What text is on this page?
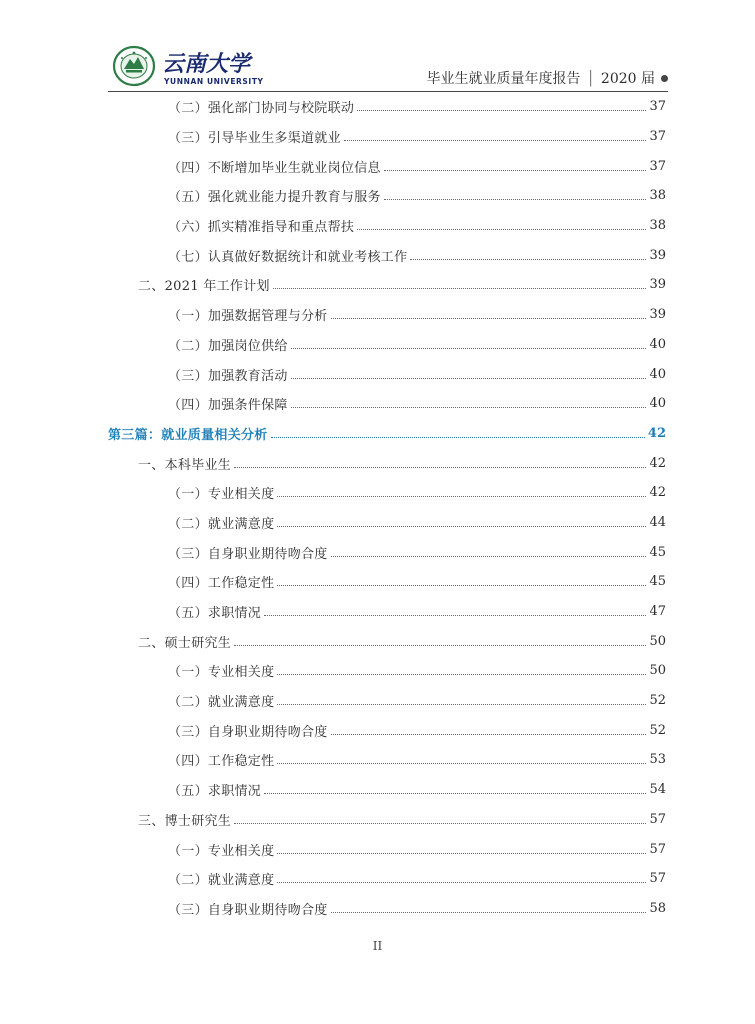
云南大学
YUNNAN UNIVERSITY	毕业生就业质量年度报告 │ 2020 届
（二）强化部门协同与校院联动	37
（三）引导毕业生多渠道就业	37
（四）不断增加毕业生就业岗位信息	37
（五）强化就业能力提升教育与服务	38
（六）抓实精准指导和重点帮扶	38
（七）认真做好数据统计和就业考核工作	39
二、2021 年工作计划	39
（一）加强数据管理与分析	39
（二）加强岗位供给	40
（三）加强教育活动	40
（四）加强条件保障	40
第三篇：就业质量相关分析	42
一、本科毕业生	42
（一）专业相关度	42
（二）就业满意度	44
（三）自身职业期待吻合度	45
（四）工作稳定性	45
（五）求职情况	47
二、硕士研究生	50
（一）专业相关度	50
（二）就业满意度	52
（三）自身职业期待吻合度	52
（四）工作稳定性	53
（五）求职情况	54
三、博士研究生	57
（一）专业相关度	57
（二）就业满意度	57
（三）自身职业期待吻合度	58
II
